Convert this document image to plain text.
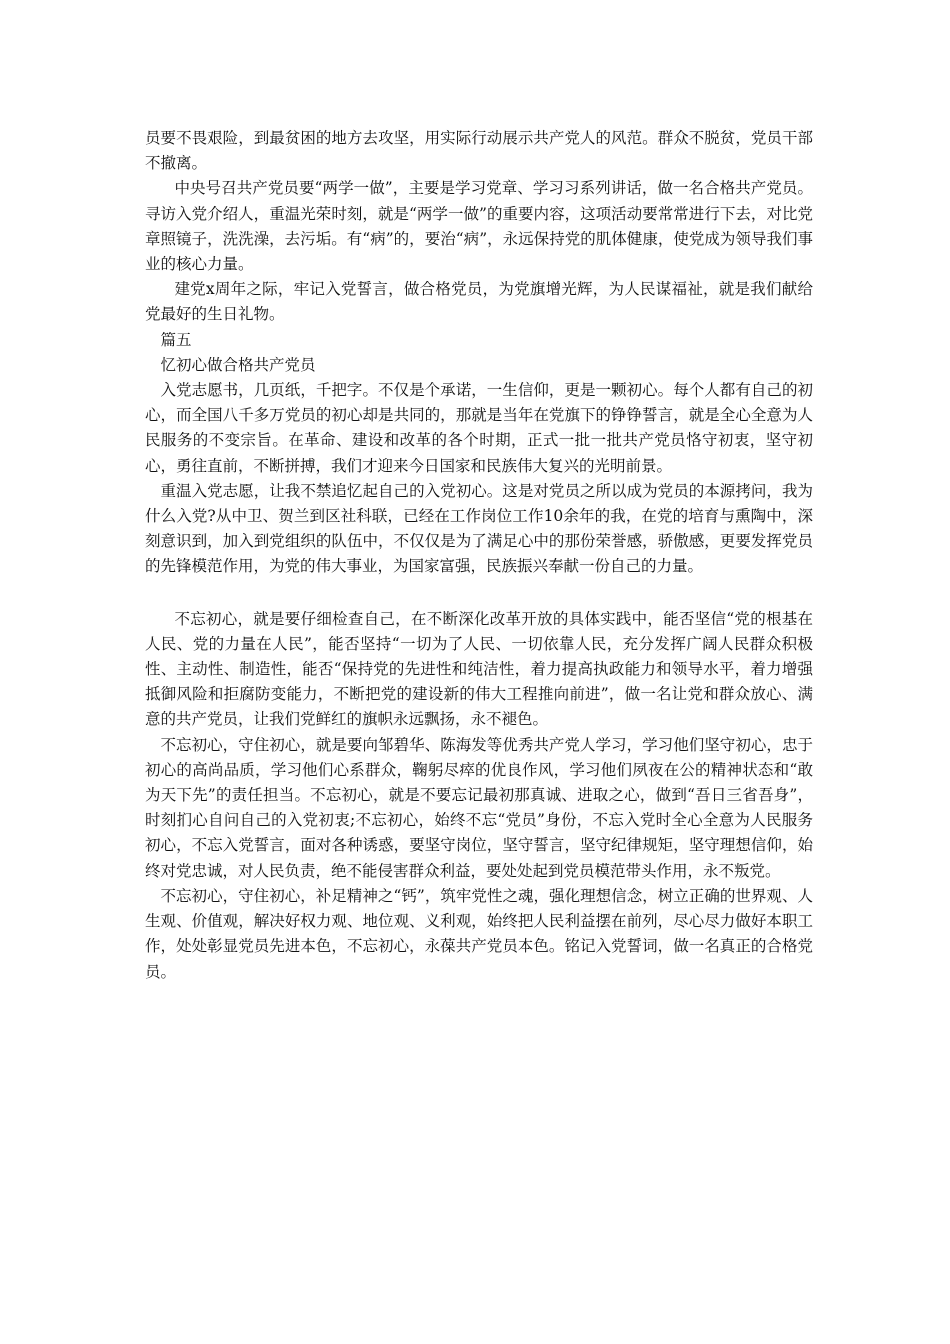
员要不畏艰险，到最贫困的地方去攻坚，用实际行动展示共产党人的风范。群众不脱贫，党员干部不撤离。

中央号召共产党员要“两学一做”，主要是学习党章、学习习系列讲话，做一名合格共产党员。寻访入党介绍人，重温光荣时刻，就是“两学一做”的重要内容，这项活动要常常进行下去，对比党章照镜子，洗洗澡，去污垢。有“病”的，要治“病”，永远保持党的肌体健康，使党成为领导我们事业的核心力量。

建党x周年之际，牢记入党誓言，做合格党员，为党旗增光辉，为人民谋福祉，就是我们献给党最好的生日礼物。

篇五

忆初心做合格共产党员

入党志愿书，几页纸，千把字。不仅是个承诺，一生信仰，更是一颗初心。每个人都有自己的初心，而全国八千多万党员的初心却是共同的，那就是当年在党旗下的铮铮誓言，就是全心全意为人民服务的不变宗旨。在革命、建设和改革的各个时期，正式一批一批共产党员恪守初衷，坚守初心，勇往直前，不断拼搏，我们才迎来今日国家和民族伟大复兴的光明前景。

重温入党志愿，让我不禁追忆起自己的入党初心。这是对党员之所以成为党员的本源拷问，我为什么入党?从中卫、贺兰到区社科联，已经在工作岗位工作10余年的我，在党的培育与熏陶中，深刻意识到，加入到党组织的队伍中，不仅仅是为了满足心中的那份荣誉感，骄傲感，更要发挥党员的先锋模范作用，为党的伟大事业，为国家富强，民族振兴奉献一份自己的力量。

不忘初心，就是要仔细检查自己，在不断深化改革开放的具体实践中，能否坚信“党的根基在人民、党的力量在人民”，能否坚持“一切为了人民、一切依靠人民，充分发挥广阔人民群众积极性、主动性、制造性，能否“保持党的先进性和纯洁性，着力提高执政能力和领导水平，着力增强抵御风险和拒腐防变能力，不断把党的建设新的伟大工程推向前进”，做一名让党和群众放心、满意的共产党员，让我们党鲜红的旗帜永远飘扬，永不褪色。

不忘初心，守住初心，就是要向邹碧华、陈海发等优秀共产党人学习，学习他们坚守初心，忠于初心的高尚品质，学习他们心系群众，鞠躬尽瘁的优良作风，学习他们夙夜在公的精神状态和“敢为天下先”的责任担当。不忘初心，就是不要忘记最初那真诚、进取之心，做到“吾日三省吾身”，时刻扪心自问自己的入党初衷;不忘初心，始终不忘“党员”身份，不忘入党时全心全意为人民服务初心，不忘入党誓言，面对各种诱惑，要坚守岗位，坚守誓言，坚守纪律规矩，坚守理想信仰，始终对党忠诚，对人民负责，绝不能侵害群众利益，要处处起到党员模范带头作用，永不叛党。

不忘初心，守住初心，补足精神之“钙”，筑牢党性之魂，强化理想信念，树立正确的世界观、人生观、价值观，解决好权力观、地位观、义利观，始终把人民利益摆在前列，尽心尽力做好本职工作，处处彰显党员先进本色，不忘初心，永葆共产党员本色。铭记入党誓词，做一名真正的合格党员。
